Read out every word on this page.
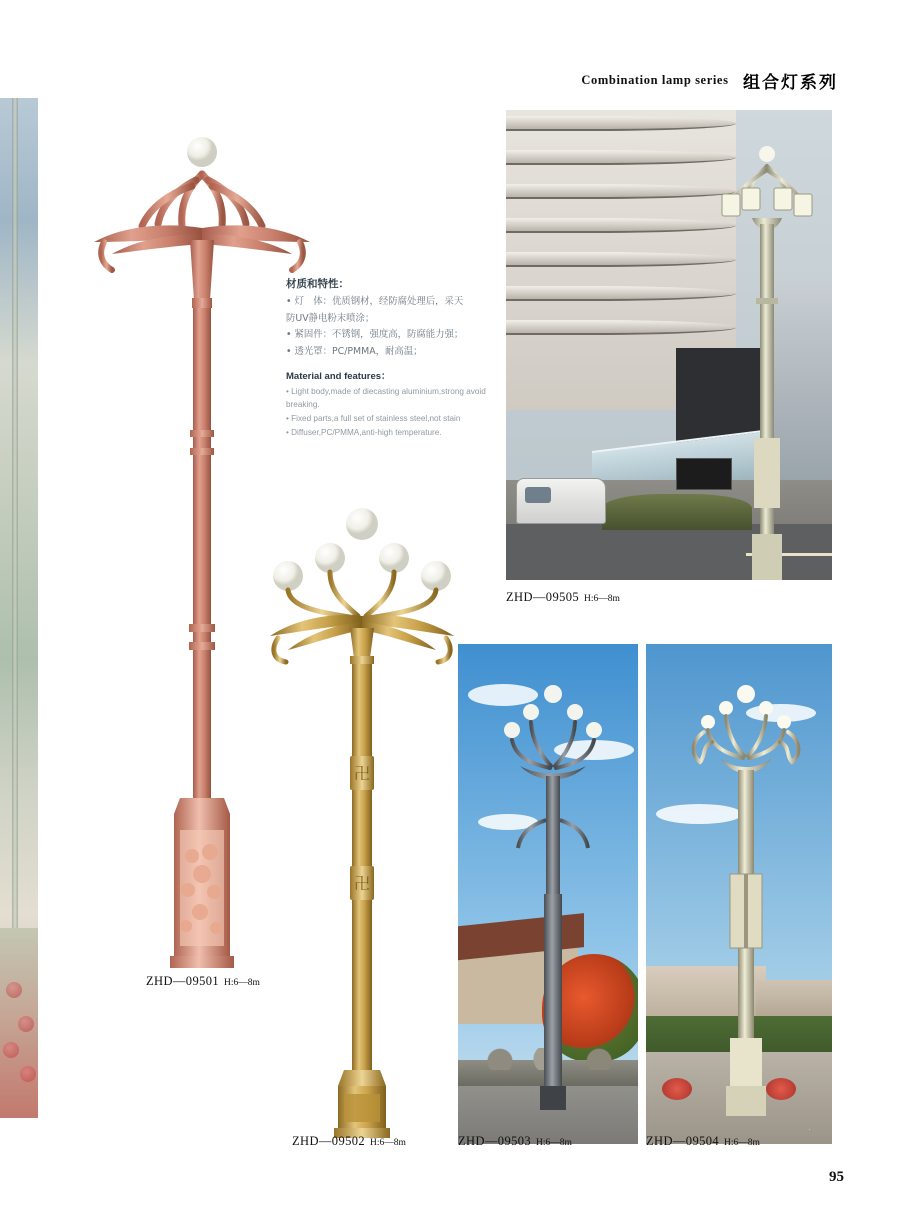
Combination lamp series 组合灯系列
卍
卍
材质和特性：
• 灯　体：优质钢材，经防腐处理后，采天
防UV静电粉末喷涂；
• 紧固件：不锈钢，强度高，防腐能力强；
• 透光罩：PC/PMMA，耐高温；
Material and features：
• Light body,made of diecasting aluminium,strong avoid breaking.
• Fixed parts,a full set of stainless steel,not stain
• Diffuser,PC/PMMA,anti-high temperature.
ZHD—09505 H:6—8m
ZHD—09503 H:6—8m
·
ZHD—09504 H:6—8m
ZHD—09501 H:6—8m
ZHD—09502 H:6—8m
95
